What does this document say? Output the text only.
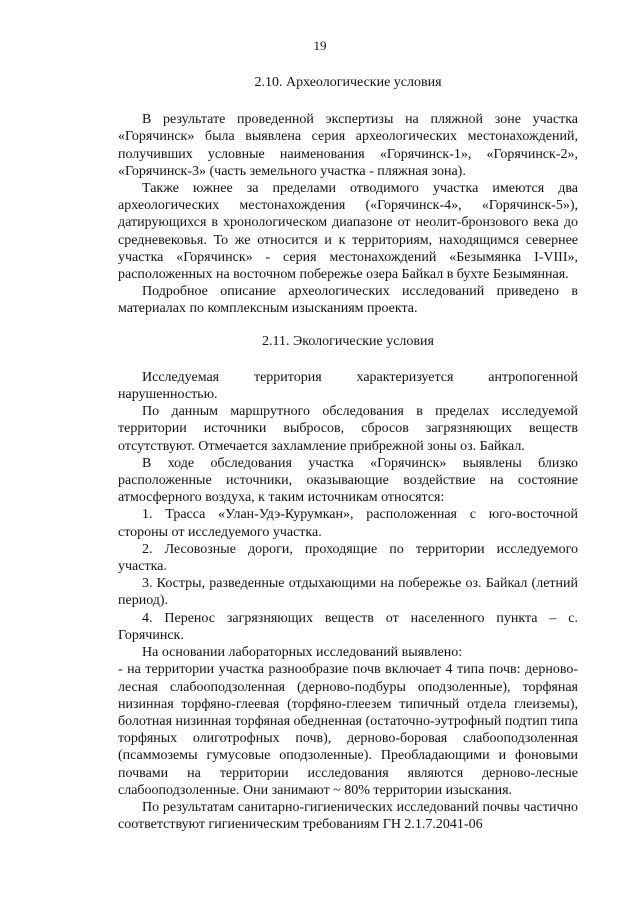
19
2.10. Археологические условия

В результате проведенной экспертизы на пляжной зоне участка «Горячинск» была выявлена серия археологических местонахождений, получивших условные наименования «Горячинск-1», «Горячинск-2», «Горячинск-3» (часть земельного участка - пляжная зона).

Также южнее за пределами отводимого участка имеются два археологических местонахождения («Горячинск-4», «Горячинск-5»), датирующихся в хронологическом диапазоне от неолит-бронзового века до средневековья. То же относится и к территориям, находящимся севернее участка «Горячинск» - серия местонахождений «Безымянка I-VIII», расположенных на восточном побережье озера Байкал в бухте Безымянная.

Подробное описание археологических исследований приведено в материалах по комплексным изысканиям проекта.

2.11. Экологические условия

Исследуемая территория характеризуется антропогенной нарушенностью.

По данным маршрутного обследования в пределах исследуемой территории источники выбросов, сбросов загрязняющих веществ отсутствуют. Отмечается захламление прибрежной зоны оз. Байкал.

В ходе обследования участка «Горячинск» выявлены близко расположенные источники, оказывающие воздействие на состояние атмосферного воздуха, к таким источникам относятся:

1. Трасса «Улан-Удэ-Курумкан», расположенная с юго-восточной стороны от исследуемого участка.

2. Лесовозные дороги, проходящие по территории исследуемого участка.

3. Костры, разведенные отдыхающими на побережье оз. Байкал (летний период).

4. Перенос загрязняющих веществ от населенного пункта – с. Горячинск.

На основании лабораторных исследований выявлено:

- на территории участка разнообразие почв включает 4 типа почв: дерново-лесная слабооподзоленная (дерново-подбуры оподзоленные), торфяная низинная торфяно-глеевая (торфяно-глеезем типичный отдела глеиземы), болотная низинная торфяная обедненная (остаточно-эутрофный подтип типа торфяных олиготрофных почв), дерново-боровая слабооподзоленная (псаммоземы гумусовые оподзоленные). Преобладающими и фоновыми почвами на территории исследования являются дерново-лесные слабооподзоленные. Они занимают ~ 80% территории изыскания.

По результатам санитарно-гигиенических исследований почвы частично соответствуют гигиеническим требованиям ГН 2.1.7.2041-06
